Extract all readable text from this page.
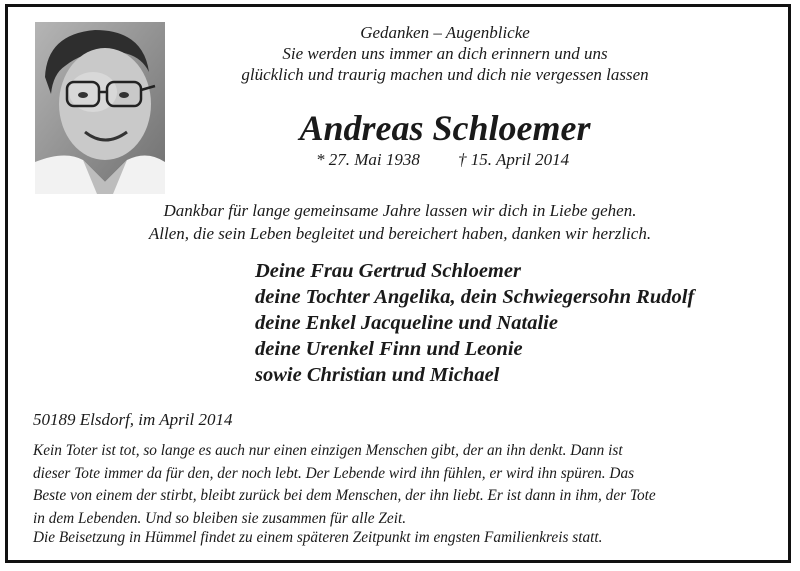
Gedanken – Augenblicke
Sie werden uns immer an dich erinnern und uns
glücklich und traurig machen und dich nie vergessen lassen
Andreas Schloemer
* 27. Mai 1938 † 15. April 2014
Dankbar für lange gemeinsame Jahre lassen wir dich in Liebe gehen.
Allen, die sein Leben begleitet und bereichert haben, danken wir herzlich.
Deine Frau Gertrud Schloemer
deine Tochter Angelika, dein Schwiegersohn Rudolf
deine Enkel Jacqueline und Natalie
deine Urenkel Finn und Leonie
sowie Christian und Michael
50189 Elsdorf, im April 2014
Kein Toter ist tot, so lange es auch nur einen einzigen Menschen gibt, der an ihn denkt. Dann ist
dieser Tote immer da für den, der noch lebt. Der Lebende wird ihn fühlen, er wird ihn spüren. Das
Beste von einem der stirbt, bleibt zurück bei dem Menschen, der ihn liebt. Er ist dann in ihm, der Tote
in dem Lebenden. Und so bleiben sie zusammen für alle Zeit.
Die Beisetzung in Hümmel findet zu einem späteren Zeitpunkt im engsten Familienkreis statt.
